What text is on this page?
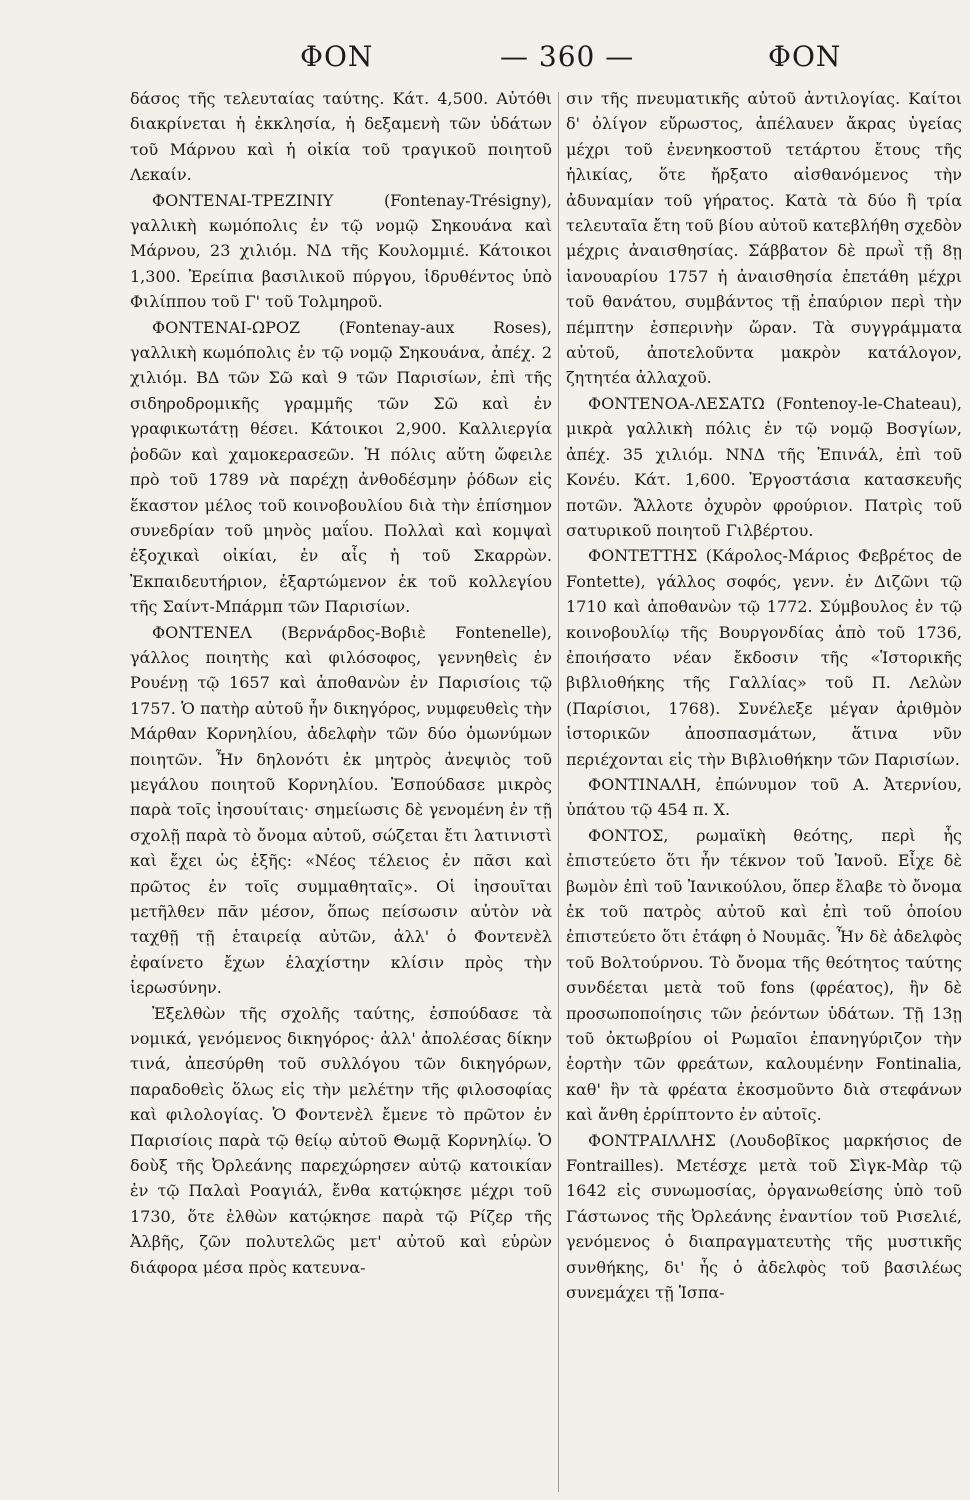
ΦΟΝ	— 360 —	ΦΟΝ

δάσος τῆς τελευταίας ταύτης. Κάτ. 4,500. Αὐτόθι διακρίνεται ἡ ἐκκλησία, ἡ δεξαμενὴ τῶν ὑδάτων τοῦ Μάρνου καὶ ἡ οἰκία τοῦ τραγικοῦ ποιητοῦ Λεκαίν.

ΦΟΝΤΕΝΑΙ-ΤΡΕΖΙΝΙΥ (Fontenay-Trésigny), γαλλικὴ κωμόπολις ἐν τῷ νομῷ Σηκουάνα καὶ Μάρνου, 23 χιλιόμ. ΝΔ τῆς Κουλομμιέ. Κάτοικοι 1,300. Ἐρείπια βασιλικοῦ πύργου, ἱδρυθέντος ὑπὸ Φιλίππου τοῦ Γ' τοῦ Τολμηροῦ.

ΦΟΝΤΕΝΑΙ-ΩΡΟΖ (Fontenay-aux Roses), γαλλικὴ κωμόπολις ἐν τῷ νομῷ Σηκουάνα, ἀπέχ. 2 χιλιόμ. ΒΔ τῶν Σῶ καὶ 9 τῶν Παρισίων, ἐπὶ τῆς σιδηροδρομικῆς γραμμῆς τῶν Σῶ καὶ ἐν γραφικωτάτῃ θέσει. Κάτοικοι 2,900. Καλλιεργία ῥοδῶν καὶ χαμοκερασεῶν. Ἡ πόλις αὕτη ὤφειλε πρὸ τοῦ 1789 νὰ παρέχῃ ἀνθοδέσμην ῥόδων εἰς ἕκαστον μέλος τοῦ κοινοβουλίου διὰ τὴν ἐπίσημον συνεδρίαν τοῦ μηνὸς μαΐου. Πολλαὶ καὶ κομψαὶ ἐξοχικαὶ οἰκίαι, ἐν αἷς ἡ τοῦ Σκαρρὼν. Ἐκπαιδευτήριον, ἐξαρτώμενον ἐκ τοῦ κολλεγίου τῆς Σαίντ-Μπάρμπ τῶν Παρισίων.

ΦΟΝΤΕΝΕΛ (Βερνάρδος-Βοβιὲ Fontenelle), γάλλος ποιητὴς καὶ φιλόσοφος, γεννηθεὶς ἐν Ρουένῃ τῷ 1657 καὶ ἀποθανὼν ἐν Παρισίοις τῷ 1757. Ὁ πατὴρ αὐτοῦ ἦν δικηγόρος, νυμφευθεὶς τὴν Μάρθαν Κορνηλίου, ἀδελφὴν τῶν δύο ὁμωνύμων ποιητῶν. Ἦν δηλονότι ἐκ μητρὸς ἀνεψιὸς τοῦ μεγάλου ποιητοῦ Κορνηλίου. Ἐσπούδασε μικρὸς παρὰ τοῖς ἰησουίταις· σημείωσις δὲ γενομένη ἐν τῇ σχολῇ παρὰ τὸ ὄνομα αὐτοῦ, σώζεται ἔτι λατινιστὶ καὶ ἔχει ὡς ἑξῆς: «Νέος τέλειος ἐν πᾶσι καὶ πρῶτος ἐν τοῖς συμμαθηταῖς». Οἱ ἰησουῖται μετῆλθεν πᾶν μέσον, ὅπως πείσωσιν αὐτὸν νὰ ταχθῇ τῇ ἑταιρείᾳ αὐτῶν, ἀλλ' ὁ Φοντενὲλ ἐφαίνετο ἔχων ἐλαχίστην κλίσιν πρὸς τὴν ἱερωσύνην.

Ἐξελθὼν τῆς σχολῆς ταύτης, ἐσπούδασε τὰ νομικά, γενόμενος δικηγόρος· ἀλλ' ἀπολέσας δίκην τινά, ἀπεσύρθη τοῦ συλλόγου τῶν δικηγόρων, παραδοθεὶς ὅλως εἰς τὴν μελέτην τῆς φιλοσοφίας καὶ φιλολογίας. Ὁ Φοντενὲλ ἔμενε τὸ πρῶτον ἐν Παρισίοις παρὰ τῷ θείῳ αὐτοῦ Θωμᾷ Κορνηλίῳ. Ὁ δοὺξ τῆς Ὀρλεάνης παρεχώρησεν αὐτῷ κατοικίαν ἐν τῷ Παλαὶ Ροαγιάλ, ἔνθα κατῴκησε μέχρι τοῦ 1730, ὅτε ἐλθὼν κατῴκησε παρὰ τῷ Ρίζερ τῆς Ἀλβῆς, ζῶν πολυτελῶς μετ' αὐτοῦ καὶ εὑρὼν διάφορα μέσα πρὸς κατευνα-

σιν τῆς πνευματικῆς αὐτοῦ ἀντιλογίας. Καίτοι δ' ὀλίγον εὔρωστος, ἀπέλαυεν ἄκρας ὑγείας μέχρι τοῦ ἐνενηκοστοῦ τετάρτου ἔτους τῆς ἡλικίας, ὅτε ἤρξατο αἰσθανόμενος τὴν ἀδυναμίαν τοῦ γήρατος. Κατὰ τὰ δύο ἢ τρία τελευταῖα ἔτη τοῦ βίου αὐτοῦ κατεβλήθη σχεδὸν μέχρις ἀναισθησίας. Σάββατον δὲ πρωῒ τῇ 8ῃ ἰανουαρίου 1757 ἡ ἀναισθησία ἐπετάθη μέχρι τοῦ θανάτου, συμβάντος τῇ ἐπαύριον περὶ τὴν πέμπτην ἑσπερινὴν ὥραν. Τὰ συγγράμματα αὐτοῦ, ἀποτελοῦντα μακρὸν κατάλογον, ζητητέα ἀλλαχοῦ.

ΦΟΝΤΕΝΟΑ-ΛΕΣΑΤΩ (Fontenoy-le-Chateau), μικρὰ γαλλικὴ πόλις ἐν τῷ νομῷ Βοσγίων, ἀπέχ. 35 χιλιόμ. ΝΝΔ τῆς Ἐπινάλ, ἐπὶ τοῦ Κονέυ. Κάτ. 1,600. Ἐργοστάσια κατασκευῆς ποτῶν. Ἄλλοτε ὀχυρὸν φρούριον. Πατρὶς τοῦ σατυρικοῦ ποιητοῦ Γιλβέρτου.

ΦΟΝΤΕΤΤΗΣ (Κάρολος-Μάριος Φεβρέτος de Fontette), γάλλος σοφός, γενν. ἐν Διζῶνι τῷ 1710 καὶ ἀποθανὼν τῷ 1772. Σύμβουλος ἐν τῷ κοινοβουλίῳ τῆς Βουργονδίας ἀπὸ τοῦ 1736, ἐποιήσατο νέαν ἔκδοσιν τῆς «Ἱστορικῆς βιβλιοθήκης τῆς Γαλλίας» τοῦ Π. Λελὼν (Παρίσιοι, 1768). Συνέλεξε μέγαν ἀριθμὸν ἱστορικῶν ἀποσπασμάτων, ἅτινα νῦν περιέχονται εἰς τὴν Βιβλιοθήκην τῶν Παρισίων.

ΦΟΝΤΙΝΑΛΗ, ἐπώνυμον τοῦ Α. Ἀτερνίου, ὑπάτου τῷ 454 π. Χ.

ΦΟΝΤΟΣ, ρωμαϊκὴ θεότης, περὶ ἧς ἐπιστεύετο ὅτι ἦν τέκνον τοῦ Ἰανοῦ. Εἶχε δὲ βωμὸν ἐπὶ τοῦ Ἰανικούλου, ὅπερ ἔλαβε τὸ ὄνομα ἐκ τοῦ πατρὸς αὐτοῦ καὶ ἐπὶ τοῦ ὁποίου ἐπιστεύετο ὅτι ἐτάφη ὁ Νουμᾶς. Ἦν δὲ ἀδελφὸς τοῦ Βολτούρνου. Τὸ ὄνομα τῆς θεότητος ταύτης συνδέεται μετὰ τοῦ fons (φρέατος), ἣν δὲ προσωποποίησις τῶν ῥεόντων ὑδάτων. Τῇ 13ῃ τοῦ ὀκτωβρίου οἱ Ρωμαῖοι ἐπανηγύριζον τὴν ἑορτὴν τῶν φρεάτων, καλουμένην Fontinalia, καθ' ἣν τὰ φρέατα ἐκοσμοῦντο διὰ στεφάνων καὶ ἄνθη ἐρρίπτοντο ἐν αὐτοῖς.

ΦΟΝΤΡΑΙΛΛΗΣ (Λουδοβῖκος μαρκήσιος de Fontrailles). Μετέσχε μετὰ τοῦ Σὶγκ-Μὰρ τῷ 1642 εἰς συνωμοσίας, ὀργανωθείσης ὑπὸ τοῦ Γάστωνος τῆς Ὀρλεάνης ἐναντίον τοῦ Ρισελιέ, γενόμενος ὁ διαπραγματευτὴς τῆς μυστικῆς συνθήκης, δι' ἧς ὁ ἀδελφὸς τοῦ βασιλέως συνεμάχει τῇ Ἱσπα-
